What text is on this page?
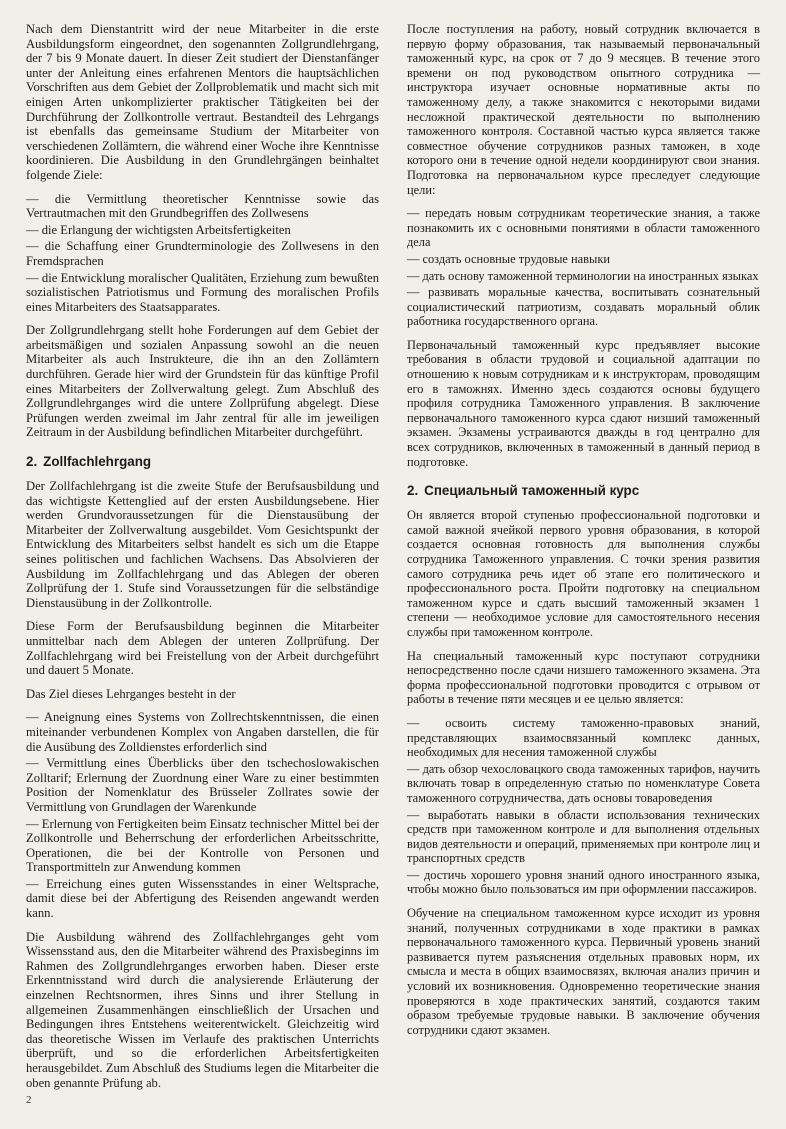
Nach dem Dienstantritt wird der neue Mitarbeiter in die erste Ausbildungsform eingeordnet, den sogenannten Zollgrundlehrgang, der 7 bis 9 Monate dauert. In dieser Zeit studiert der Dienstanfänger unter der Anleitung eines erfahrenen Mentors die hauptsächlichen Vorschriften aus dem Gebiet der Zollproblematik und macht sich mit einigen Arten unkomplizierter praktischer Tätigkeiten bei der Durchführung der Zollkontrolle vertraut. Bestandteil des Lehrgangs ist ebenfalls das gemeinsame Studium der Mitarbeiter von verschiedenen Zollämtern, die während einer Woche ihre Kenntnisse koordinieren. Die Ausbildung in den Grundlehrgängen beinhaltet folgende Ziele:

— die Vermittlung theoretischer Kenntnisse sowie das Vertrautmachen mit den Grundbegriffen des Zollwesens

— die Erlangung der wichtigsten Arbeitsfertigkeiten

— die Schaffung einer Grundterminologie des Zollwesens in den Fremdsprachen

— die Entwicklung moralischer Qualitäten, Erziehung zum bewußten sozialistischen Patriotismus und Formung des moralischen Profils eines Mitarbeiters des Staatsapparates.

Der Zollgrundlehrgang stellt hohe Forderungen auf dem Gebiet der arbeitsmäßigen und sozialen Anpassung sowohl an die neuen Mitarbeiter als auch Instrukteure, die ihn an den Zollämtern durchführen. Gerade hier wird der Grundstein für das künftige Profil eines Mitarbeiters der Zollverwaltung gelegt. Zum Abschluß des Zollgrundlehrganges wird die untere Zollprüfung abgelegt. Diese Prüfungen werden zweimal im Jahr zentral für alle im jeweiligen Zeitraum in der Ausbildung befindlichen Mitarbeiter durchgeführt.

2. Zollfachlehrgang

Der Zollfachlehrgang ist die zweite Stufe der Berufsausbildung und das wichtigste Kettenglied auf der ersten Ausbildungsebene. Hier werden Grundvoraussetzungen für die Dienstausübung der Mitarbeiter der Zollverwaltung ausgebildet. Vom Gesichtspunkt der Entwicklung des Mitarbeiters selbst handelt es sich um die Etappe seines politischen und fachlichen Wachsens. Das Absolvieren der Ausbildung im Zollfachlehrgang und das Ablegen der oberen Zollprüfung der 1. Stufe sind Voraussetzungen für die selbständige Dienstausübung in der Zollkontrolle.

Diese Form der Berufsausbildung beginnen die Mitarbeiter unmittelbar nach dem Ablegen der unteren Zollprüfung. Der Zollfachlehrgang wird bei Freistellung von der Arbeit durchgeführt und dauert 5 Monate.

Das Ziel dieses Lehrganges besteht in der

— Aneignung eines Systems von Zollrechtskenntnissen, die einen miteinander verbundenen Komplex von Angaben darstellen, die für die Ausübung des Zolldienstes erforderlich sind

— Vermittlung eines Überblicks über den tschechoslowakischen Zolltarif; Erlernung der Zuordnung einer Ware zu einer bestimmten Position der Nomenklatur des Brüsseler Zollrates sowie der Vermittlung von Grundlagen der Warenkunde

— Erlernung von Fertigkeiten beim Einsatz technischer Mittel bei der Zollkontrolle und Beherrschung der erforderlichen Arbeitsschritte, Operationen, die bei der Kontrolle von Personen und Transportmitteln zur Anwendung kommen

— Erreichung eines guten Wissensstandes in einer Weltsprache, damit diese bei der Abfertigung des Reisenden angewandt werden kann.

Die Ausbildung während des Zollfachlehrganges geht vom Wissensstand aus, den die Mitarbeiter während des Praxisbeginns im Rahmen des Zollgrundlehrganges erworben haben. Dieser erste Erkenntnisstand wird durch die analysierende Erläuterung der einzelnen Rechtsnormen, ihres Sinns und ihrer Stellung in allgemeinen Zusammenhängen einschließlich der Ursachen und Bedingungen ihres Entstehens weiterentwickelt. Gleichzeitig wird das theoretische Wissen im Verlaufe des praktischen Unterrichts überprüft, und so die erforderlichen Arbeitsfertigkeiten herausgebildet. Zum Abschluß des Studiums legen die Mitarbeiter die oben genannte Prüfung ab.

После поступления на работу, новый сотрудник включается в первую форму образования, так называемый первоначальный таможенный курс, на срок от 7 до 9 месяцев. В течение этого времени он под руководством опытного сотрудника — инструктора изучает основные нормативные акты по таможенному делу, а также знакомится с некоторыми видами несложной практической деятельности по выполнению таможенного контроля. Составной частью курса является также совместное обучение сотрудников разных таможен, в ходе которого они в течение одной недели координируют свои знания. Подготовка на первоначальном курсе преследует следующие цели:

— передать новым сотрудникам теоретические знания, а также познакомить их с основными понятиями в области таможенного дела

— создать основные трудовые навыки

— дать основу таможенной терминологии на иностранных языках

— развивать моральные качества, воспитывать сознательный социалистический патриотизм, создавать моральный облик работника государственного органа.

Первоначальный таможенный курс предъявляет высокие требования в области трудовой и социальной адаптации по отношению к новым сотрудникам и к инструкторам, проводящим его в таможнях. Именно здесь создаются основы будущего профиля сотрудника Таможенного управления. В заключение первоначального таможенного курса сдают низший таможенный экзамен. Экзамены устраиваются дважды в год централно для всех сотрудников, включенных в таможенный в данный период в подготовке.

2. Специальный таможенный курс

Он является второй ступенью профессиональной подготовки и самой важной ячейкой первого уровня образования, в которой создается основная готовность для выполнения службы сотрудника Таможенного управления. С точки зрения развития самого сотрудника речь идет об этапе его политического и профессионального роста. Пройти подготовку на специальном таможенном курсе и сдать высший таможенный экзамен 1 степени — необходимое условие для самостоятельного несения службы при таможенном контроле.

На специальный таможенный курс поступают сотрудники непосредственно после сдачи низшего таможенного экзамена. Эта форма профессиональной подготовки проводится с отрывом от работы в течение пяти месяцев и ее целью является:

— освоить систему таможенно-правовых знаний, представляющих взаимосвязанный комплекс данных, необходимых для несения таможенной службы

— дать обзор чехословацкого свода таможенных тарифов, научить включать товар в определенную статью по номенклатуре Совета таможенного сотрудничества, дать основы товароведения

— выработать навыки в области использования технических средств при таможенном контроле и для выполнения отдельных видов деятельности и операций, применяемых при контроле лиц и транспортных средств

— достичь хорошего уровня знаний одного иностранного языка, чтобы можно было пользоваться им при оформлении пассажиров.

Обучение на специальном таможенном курсе исходит из уровня знаний, полученных сотрудниками в ходе практики в рамках первоначального таможенного курса. Первичный уровень знаний развивается путем разъяснения отдельных правовых норм, их смысла и места в общих взаимосвязях, включая анализ причин и условий их возникновения. Одновременно теоретические знания проверяются в ходе практических занятий, создаются таким образом требуемые трудовые навыки. В заключение обучения сотрудники сдают экзамен.

2
